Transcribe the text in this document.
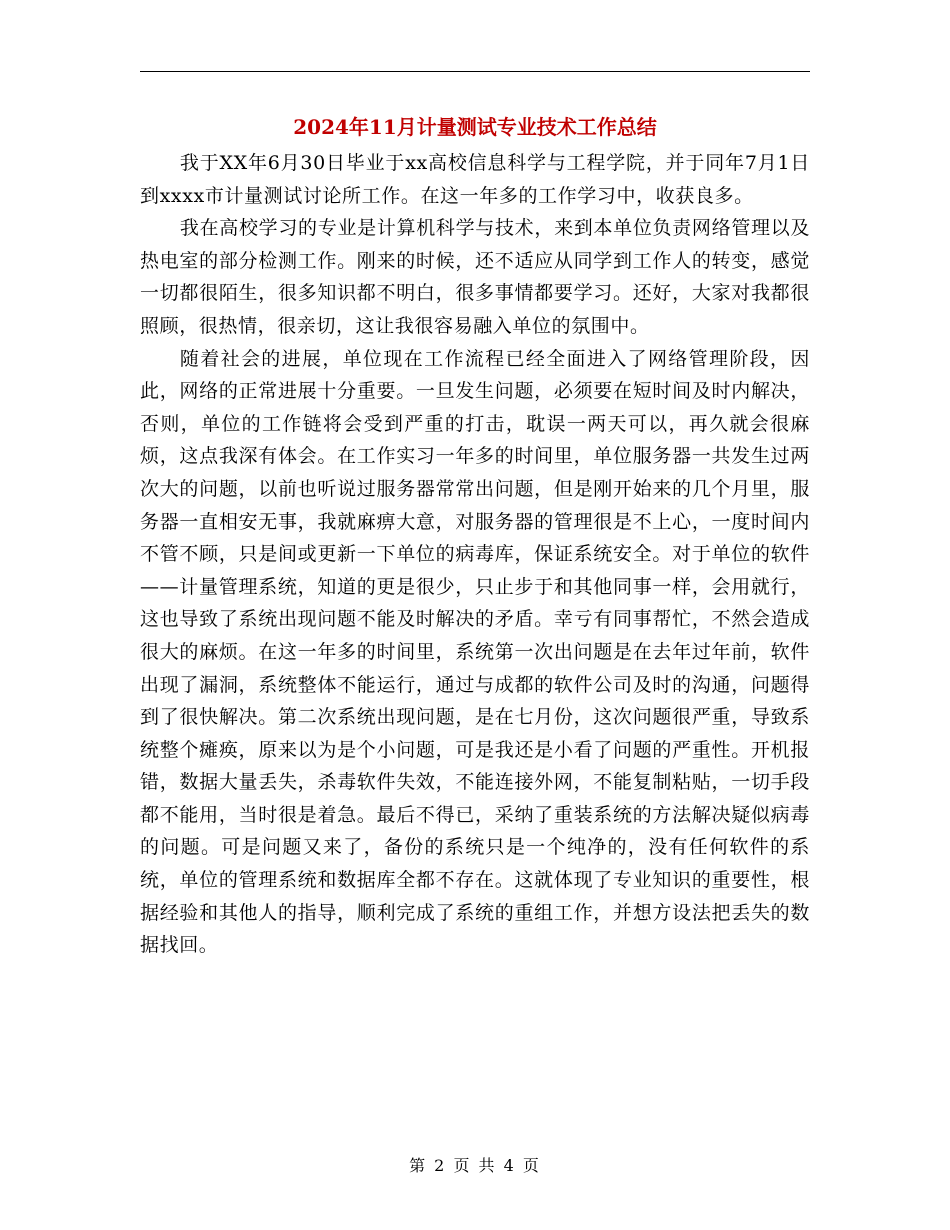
2024年11月计量测试专业技术工作总结

我于XX年6月30日毕业于xx高校信息科学与工程学院，并于同年7月1日到xxxx市计量测试讨论所工作。在这一年多的工作学习中，收获良多。

我在高校学习的专业是计算机科学与技术，来到本单位负责网络管理以及热电室的部分检测工作。刚来的时候，还不适应从同学到工作人的转变，感觉一切都很陌生，很多知识都不明白，很多事情都要学习。还好，大家对我都很照顾，很热情，很亲切，这让我很容易融入单位的氛围中。

随着社会的进展，单位现在工作流程已经全面进入了网络管理阶段，因此，网络的正常进展十分重要。一旦发生问题，必须要在短时间及时内解决，否则，单位的工作链将会受到严重的打击，耽误一两天可以，再久就会很麻烦，这点我深有体会。在工作实习一年多的时间里，单位服务器一共发生过两次大的问题，以前也听说过服务器常常出问题，但是刚开始来的几个月里，服务器一直相安无事，我就麻痹大意，对服务器的管理很是不上心，一度时间内不管不顾，只是间或更新一下单位的病毒库，保证系统安全。对于单位的软件——计量管理系统，知道的更是很少，只止步于和其他同事一样，会用就行，这也导致了系统出现问题不能及时解决的矛盾。幸亏有同事帮忙，不然会造成很大的麻烦。在这一年多的时间里，系统第一次出问题是在去年过年前，软件出现了漏洞，系统整体不能运行，通过与成都的软件公司及时的沟通，问题得到了很快解决。第二次系统出现问题，是在七月份，这次问题很严重，导致系统整个瘫痪，原来以为是个小问题，可是我还是小看了问题的严重性。开机报错，数据大量丢失，杀毒软件失效，不能连接外网，不能复制粘贴，一切手段都不能用，当时很是着急。最后不得已，采纳了重装系统的方法解决疑似病毒的问题。可是问题又来了，备份的系统只是一个纯净的，没有任何软件的系统，单位的管理系统和数据库全都不存在。这就体现了专业知识的重要性，根据经验和其他人的指导，顺利完成了系统的重组工作，并想方设法把丢失的数据找回。

第 2 页 共 4 页
